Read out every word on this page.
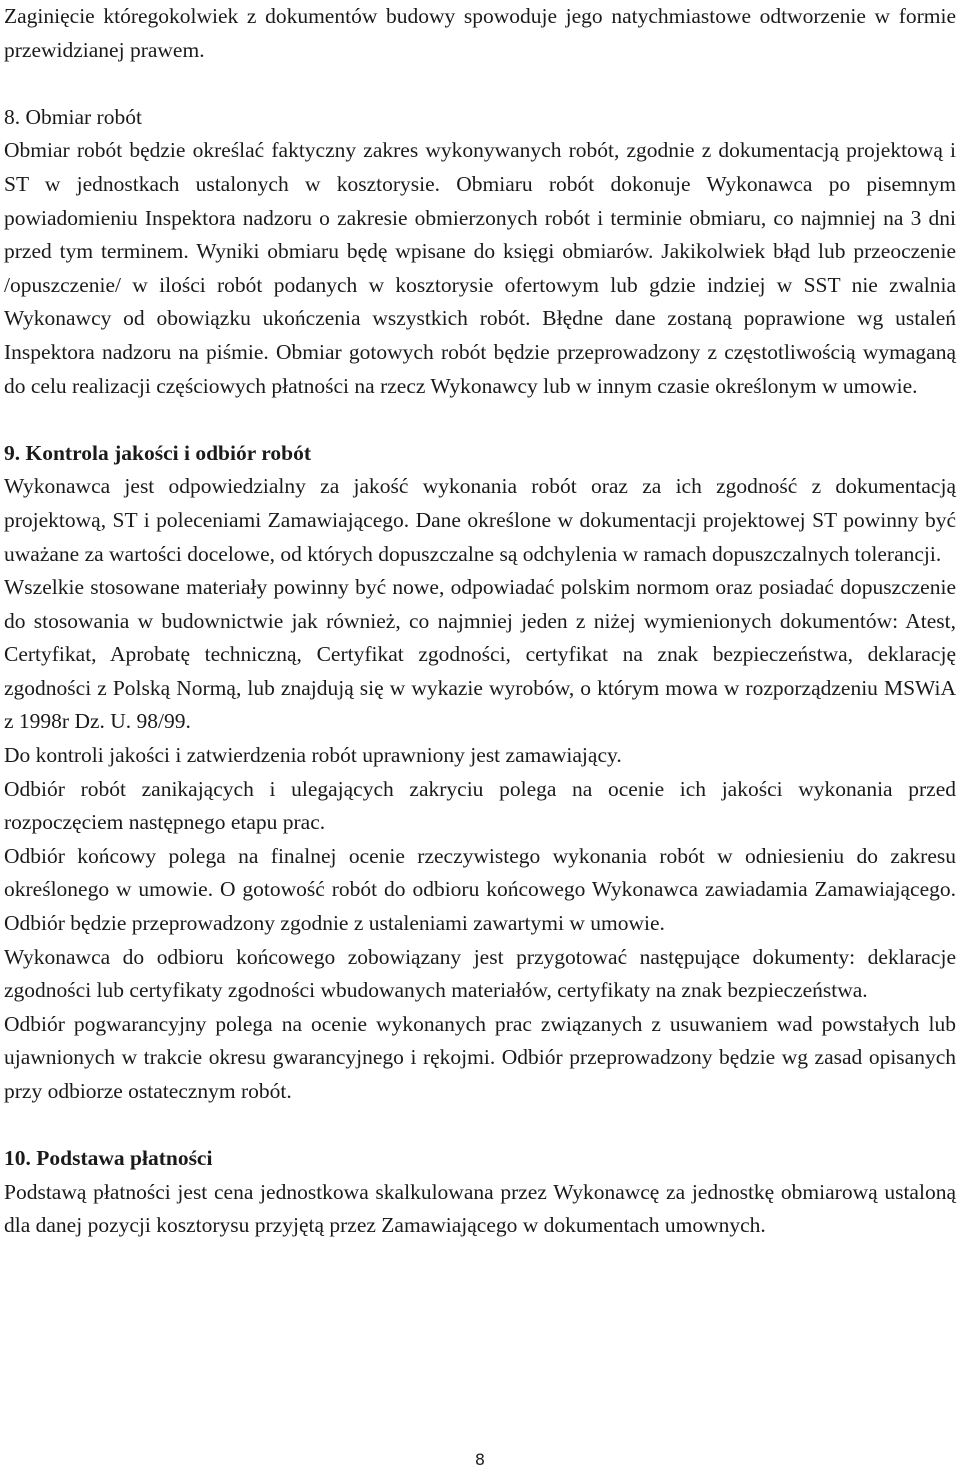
Zaginięcie któregokolwiek z dokumentów budowy spowoduje jego natychmiastowe odtworzenie w formie przewidzianej prawem.

8. Obmiar robót

Obmiar robót będzie określać faktyczny zakres wykonywanych robót, zgodnie z dokumentacją projektową i ST w jednostkach ustalonych w kosztorysie. Obmiaru robót dokonuje Wykonawca po pisemnym powiadomieniu Inspektora nadzoru o zakresie obmierzonych robót i terminie obmiaru, co najmniej na 3 dni przed tym terminem. Wyniki obmiaru będę wpisane do księgi obmiarów. Jakikolwiek błąd lub przeoczenie /opuszczenie/ w ilości robót podanych w kosztorysie ofertowym lub gdzie indziej w SST nie zwalnia Wykonawcy od obowiązku ukończenia wszystkich robót. Błędne dane zostaną poprawione wg ustaleń Inspektora nadzoru na piśmie. Obmiar gotowych robót będzie przeprowadzony z częstotliwością wymaganą do celu realizacji częściowych płatności na rzecz Wykonawcy lub w innym czasie określonym w umowie.

9. Kontrola jakości i odbiór robót

Wykonawca jest odpowiedzialny za jakość wykonania robót oraz za ich zgodność z dokumentacją projektową, ST i poleceniami Zamawiającego. Dane określone w dokumentacji projektowej ST powinny być uważane za wartości docelowe, od których dopuszczalne są odchylenia w ramach dopuszczalnych tolerancji.

Wszelkie stosowane materiały powinny być nowe, odpowiadać polskim normom oraz posiadać dopuszczenie do stosowania w budownictwie jak również, co najmniej jeden z niżej wymienionych dokumentów: Atest, Certyfikat, Aprobatę techniczną, Certyfikat zgodności, certyfikat na znak bezpieczeństwa, deklarację zgodności z Polską Normą, lub znajdują się w wykazie wyrobów, o którym mowa w rozporządzeniu MSWiA z 1998r Dz. U. 98/99.

Do kontroli jakości i zatwierdzenia robót uprawniony jest zamawiający.

Odbiór robót zanikających i ulegających zakryciu polega na ocenie ich jakości wykonania przed rozpoczęciem następnego etapu prac.

Odbiór końcowy polega na finalnej ocenie rzeczywistego wykonania robót w odniesieniu do zakresu określonego w umowie. O gotowość robót do odbioru końcowego Wykonawca zawiadamia Zamawiającego. Odbiór będzie przeprowadzony zgodnie z ustaleniami zawartymi w umowie.

Wykonawca do odbioru końcowego zobowiązany jest przygotować następujące dokumenty: deklaracje zgodności lub certyfikaty zgodności wbudowanych materiałów, certyfikaty na znak bezpieczeństwa.

Odbiór pogwarancyjny polega na ocenie wykonanych prac związanych z usuwaniem wad powstałych lub ujawnionych w trakcie okresu gwarancyjnego i rękojmi. Odbiór przeprowadzony będzie wg zasad opisanych przy odbiorze ostatecznym robót.

10. Podstawa płatności

Podstawą płatności jest cena jednostkowa skalkulowana przez Wykonawcę za jednostkę obmiarową ustaloną dla danej pozycji kosztorysu przyjętą przez Zamawiającego w dokumentach umownych.

8
